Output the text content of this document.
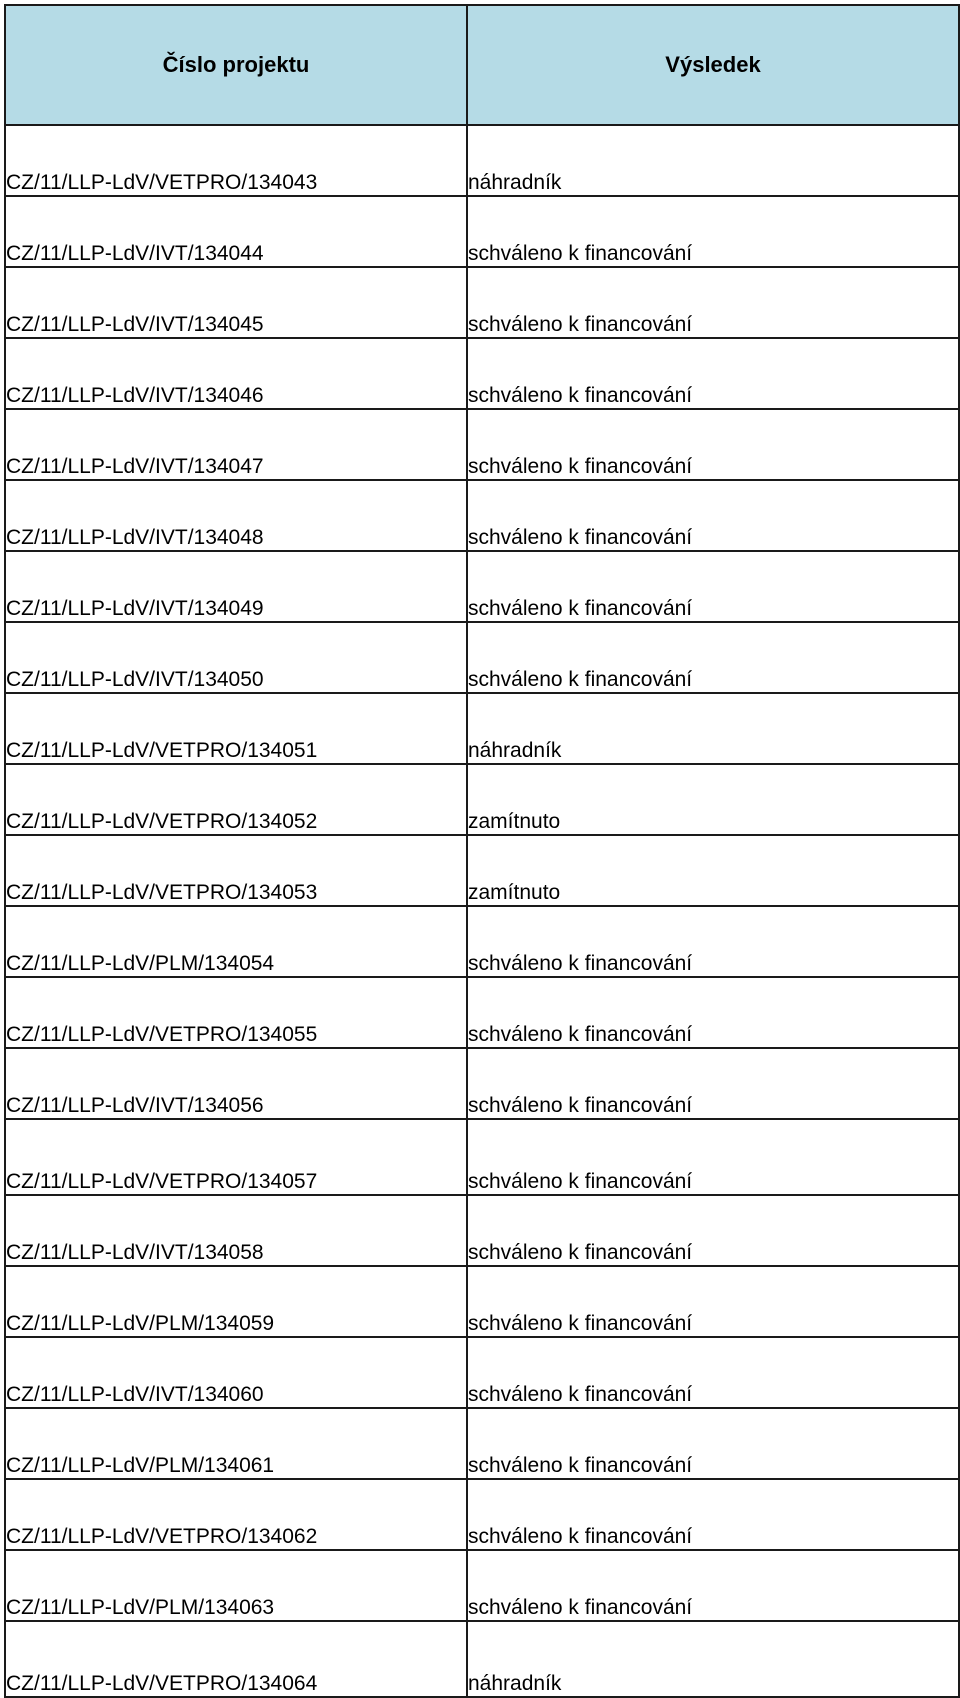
Číslo projektu	Výsledek
CZ/11/LLP-LdV/VETPRO/134043	náhradník
CZ/11/LLP-LdV/IVT/134044	schváleno k financování
CZ/11/LLP-LdV/IVT/134045	schváleno k financování
CZ/11/LLP-LdV/IVT/134046	schváleno k financování
CZ/11/LLP-LdV/IVT/134047	schváleno k financování
CZ/11/LLP-LdV/IVT/134048	schváleno k financování
CZ/11/LLP-LdV/IVT/134049	schváleno k financování
CZ/11/LLP-LdV/IVT/134050	schváleno k financování
CZ/11/LLP-LdV/VETPRO/134051	náhradník
CZ/11/LLP-LdV/VETPRO/134052	zamítnuto
CZ/11/LLP-LdV/VETPRO/134053	zamítnuto
CZ/11/LLP-LdV/PLM/134054	schváleno k financování
CZ/11/LLP-LdV/VETPRO/134055	schváleno k financování
CZ/11/LLP-LdV/IVT/134056	schváleno k financování
CZ/11/LLP-LdV/VETPRO/134057	schváleno k financování
CZ/11/LLP-LdV/IVT/134058	schváleno k financování
CZ/11/LLP-LdV/PLM/134059	schváleno k financování
CZ/11/LLP-LdV/IVT/134060	schváleno k financování
CZ/11/LLP-LdV/PLM/134061	schváleno k financování
CZ/11/LLP-LdV/VETPRO/134062	schváleno k financování
CZ/11/LLP-LdV/PLM/134063	schváleno k financování
CZ/11/LLP-LdV/VETPRO/134064	náhradník
